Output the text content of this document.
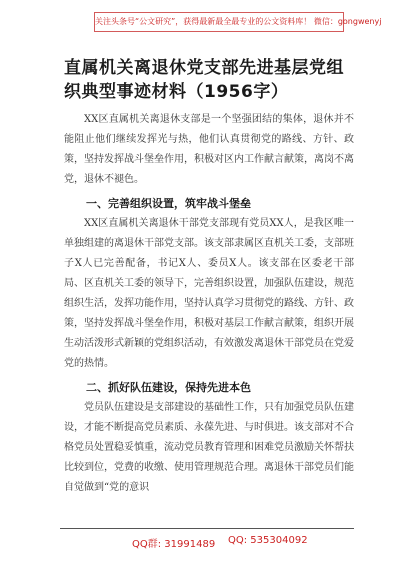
关注头条号“公文研究”，获得最新最全最专业的公文资料库！ 微信：gongwenyj
直属机关离退休党支部先进基层党组织典型事迹材料（1956字）

XX区直属机关离退休支部是一个坚强团结的集体，退休并不能阻止他们继续发挥光与热，他们认真贯彻党的路线、方针、政策，坚持发挥战斗堡垒作用，积极对区内工作献言献策，离岗不离党，退休不褪色。

一、完善组织设置，筑牢战斗堡垒

XX区直属机关离退休干部党支部现有党员XX人，是我区唯一单独组建的离退休干部党支部。该支部隶属区直机关工委，支部班子X人已完善配备，书记X人、委员X人。该支部在区委老干部局、区直机关工委的领导下，完善组织设置，加强队伍建设，规范组织生活，发挥功能作用，坚持认真学习贯彻党的路线、方针、政策，坚持发挥战斗堡垒作用，积极对基层工作献言献策，组织开展生动活泼形式新颖的党组织活动，有效激发离退休干部党员在党爱党的热情。

二、抓好队伍建设，保持先进本色

党员队伍建设是支部建设的基础性工作，只有加强党员队伍建设，才能不断提高党员素质、永葆先进、与时俱进。该支部对不合格党员处置稳妥慎重，流动党员教育管理和困难党员激励关怀帮扶比较到位，党费的收缴、使用管理规范合理。离退休干部党员们能自觉做到“党的意识

QQ群: 31991489 QQ: 535304092
